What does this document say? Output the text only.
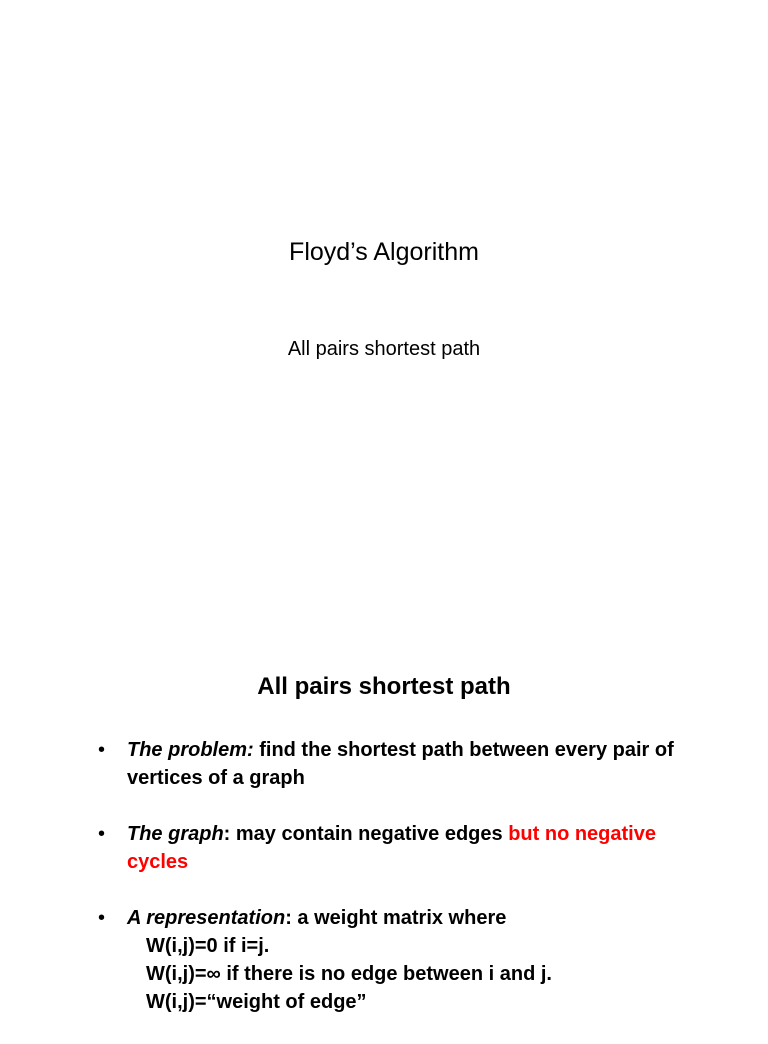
Floyd’s Algorithm

All pairs shortest path

All pairs shortest path
• The problem: find the shortest path between every pair of vertices of a graph
• The graph: may contain negative edges but no negative cycles
• A representation: a weight matrix where
W(i,j)=0 if i=j.
W(i,j)=∞ if there is no edge between i and j.
W(i,j)=“weight of edge”
